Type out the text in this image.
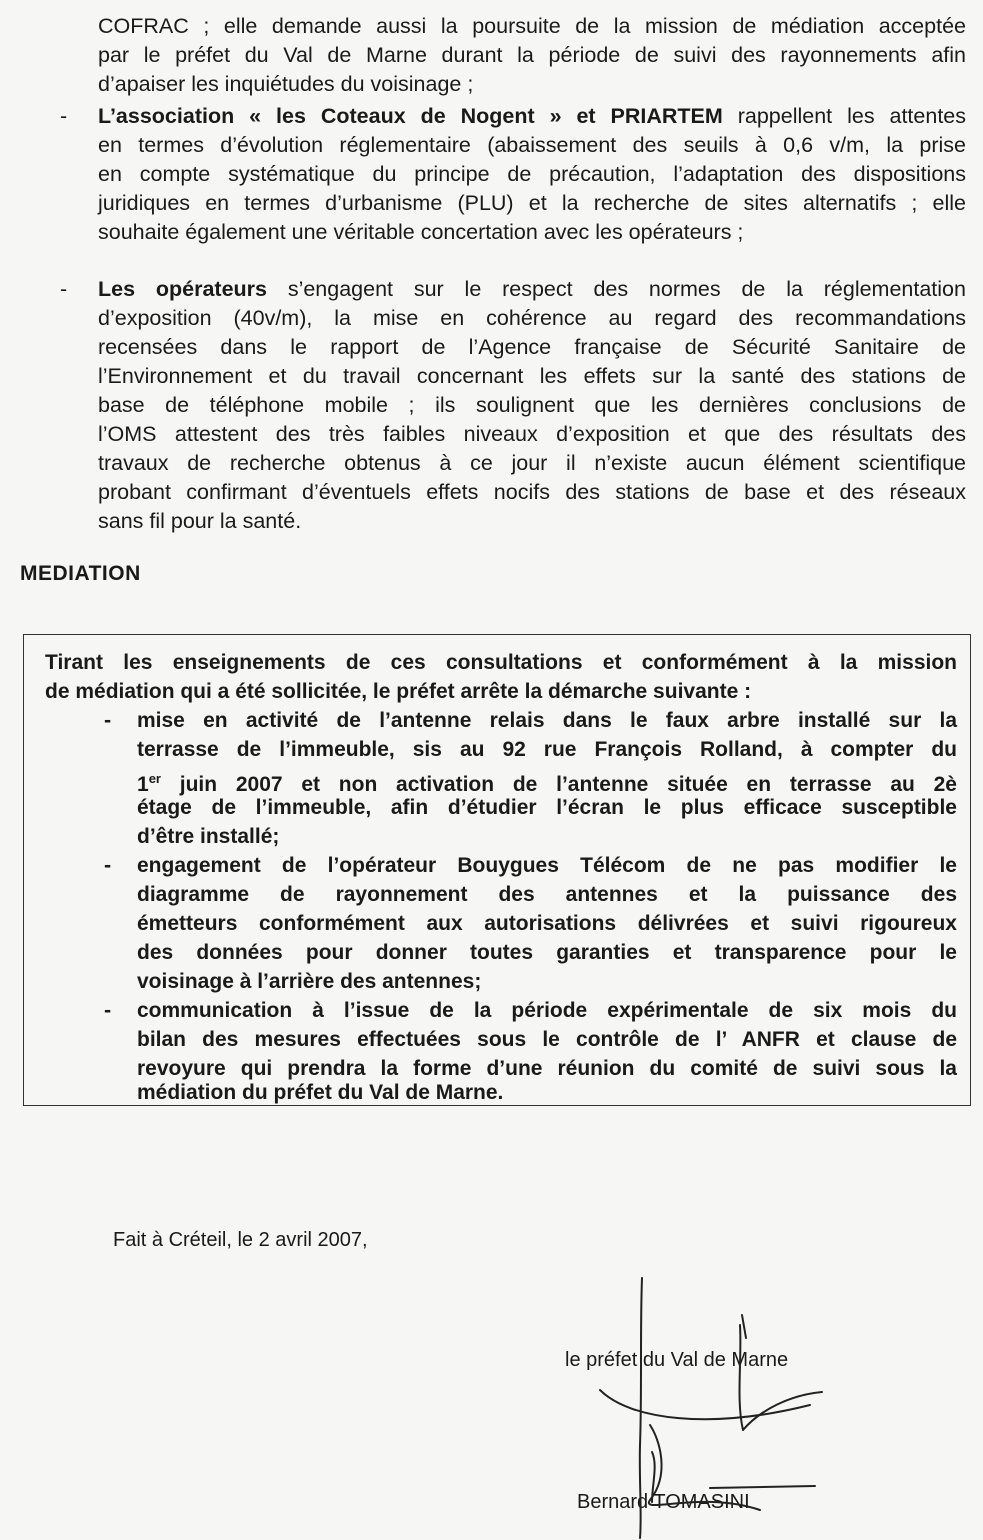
COFRAC ; elle demande aussi la poursuite de la mission de médiation acceptée
par le préfet du Val de Marne durant la période de suivi des rayonnements afin
d’apaiser les inquiétudes du voisinage ;
- L’association « les Coteaux de Nogent » et PRIARTEM rappellent les attentes
en termes d’évolution réglementaire (abaissement des seuils à 0,6 v/m, la prise
en compte systématique du principe de précaution, l’adaptation des dispositions
juridiques en termes d’urbanisme (PLU) et la recherche de sites alternatifs ; elle
souhaite également une véritable concertation avec les opérateurs ;
- Les opérateurs s’engagent sur le respect des normes de la réglementation
d’exposition (40v/m), la mise en cohérence au regard des recommandations
recensées dans le rapport de l’Agence française de Sécurité Sanitaire de
l’Environnement et du travail concernant les effets sur la santé des stations de
base de téléphone mobile ; ils soulignent que les dernières conclusions de
l’OMS attestent des très faibles niveaux d’exposition et que des résultats des
travaux de recherche obtenus à ce jour il n’existe aucun élément scientifique
probant confirmant d’éventuels effets nocifs des stations de base et des réseaux
sans fil pour la santé.
MEDIATION
Tirant les enseignements de ces consultations et conformément à la mission
de médiation qui a été sollicitée, le préfet arrête la démarche suivante :
- mise en activité de l’antenne relais dans le faux arbre installé sur la
terrasse de l’immeuble, sis au 92 rue François Rolland, à compter du
1er juin 2007 et non activation de l’antenne située en terrasse au 2è
étage de l’immeuble, afin d’étudier l’écran le plus efficace susceptible
d’être installé;
- engagement de l’opérateur Bouygues Télécom de ne pas modifier le
diagramme de rayonnement des antennes et la puissance des
émetteurs conformément aux autorisations délivrées et suivi rigoureux
des données pour donner toutes garanties et transparence pour le
voisinage à l’arrière des antennes;
- communication à l’issue de la période expérimentale de six mois du
bilan des mesures effectuées sous le contrôle de l’ ANFR et clause de
revoyure qui prendra la forme d’une réunion du comité de suivi sous la
médiation du préfet du Val de Marne.
Fait à Créteil, le 2 avril 2007,
le préfet du Val de Marne
Bernard TOMASINI
